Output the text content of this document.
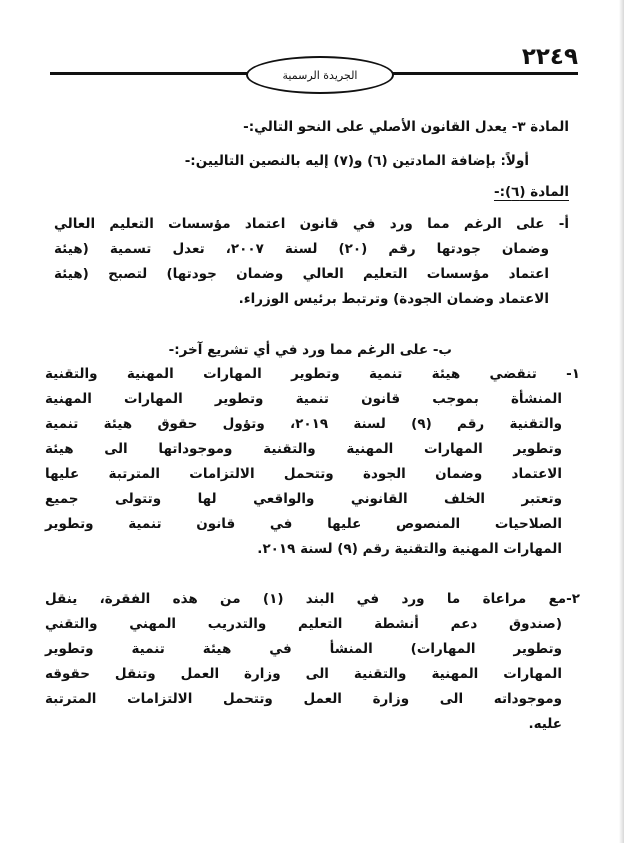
٢٢٤٩
الجريدة الرسمية

المادة ٣- يعدل القانون الأصلي على النحو التالي:-

أولاً: بإضافة المادتين (٦) و(٧) إليه بالنصين التاليين:-

المادة (٦):-

أ- على الرغم مما ورد في قانون اعتماد مؤسسات التعليم العالي
وضمان جودتها رقم (٢٠) لسنة ٢٠٠٧، تعدل تسمية (هيئة
اعتماد مؤسسات التعليم العالي وضمان جودتها) لتصبح (هيئة
الاعتماد وضمان الجودة) وترتبط برئيس الوزراء.

ب- على الرغم مما ورد في أي تشريع آخر:-

١- تنقضي هيئة تنمية وتطوير المهارات المهنية والتقنية
المنشأة بموجب قانون تنمية وتطوير المهارات المهنية
والتقنية رقم (٩) لسنة ٢٠١٩، وتؤول حقوق هيئة تنمية
وتطوير المهارات المهنية والتقنية وموجوداتها الى هيئة
الاعتماد وضمان الجودة وتتحمل الالتزامات المترتبة عليها
وتعتبر الخلف القانوني والواقعي لها وتتولى جميع
الصلاحيات المنصوص عليها في قانون تنمية وتطوير
المهارات المهنية والتقنية رقم (٩) لسنة ٢٠١٩.
٢-مع مراعاة ما ورد في البند (١) من هذه الفقرة، ينقل
(صندوق دعم أنشطة التعليم والتدريب المهني والتقني
وتطوير المهارات) المنشأ في هيئة تنمية وتطوير
المهارات المهنية والتقنية الى وزارة العمل وتنقل حقوقه
وموجوداته الى وزارة العمل وتتحمل الالتزامات المترتبة
عليه.
